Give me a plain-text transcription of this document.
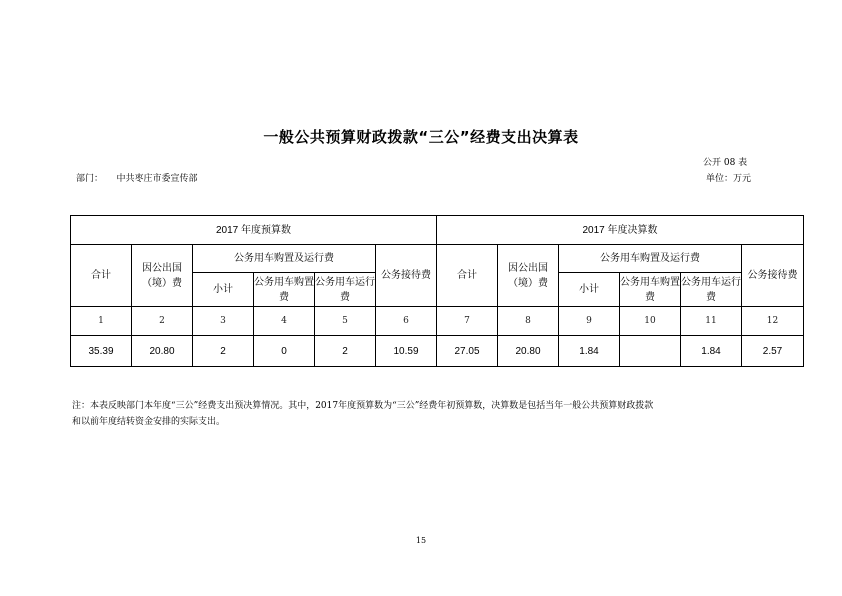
一般公共预算财政拨款“三公”经费支出决算表
公开 08 表
部门：　　中共枣庄市委宣传部	单位：万元
2017 年度预算数						2017 年度决算数					
合计	因公出国（境）费	公务用车购置及运行费			公务接待费	合计	因公出国（境）费	公务用车购置及运行费			公务接待费
		小计	公务用车购置费	公务用车运行费				小计	公务用车购置费	公务用车运行费	
1	2	3	4	5	6	7	8	9	10	11	12
35.39	20.80	2	0	2	10.59	27.05	20.80	1.84		1.84	2.57
注：本表反映部门本年度“三公”经费支出预决算情况。其中，2017年度预算数为“三公”经费年初预算数，决算数是包括当年一般公共预算财政拨款
和以前年度结转资金安排的实际支出。
15
